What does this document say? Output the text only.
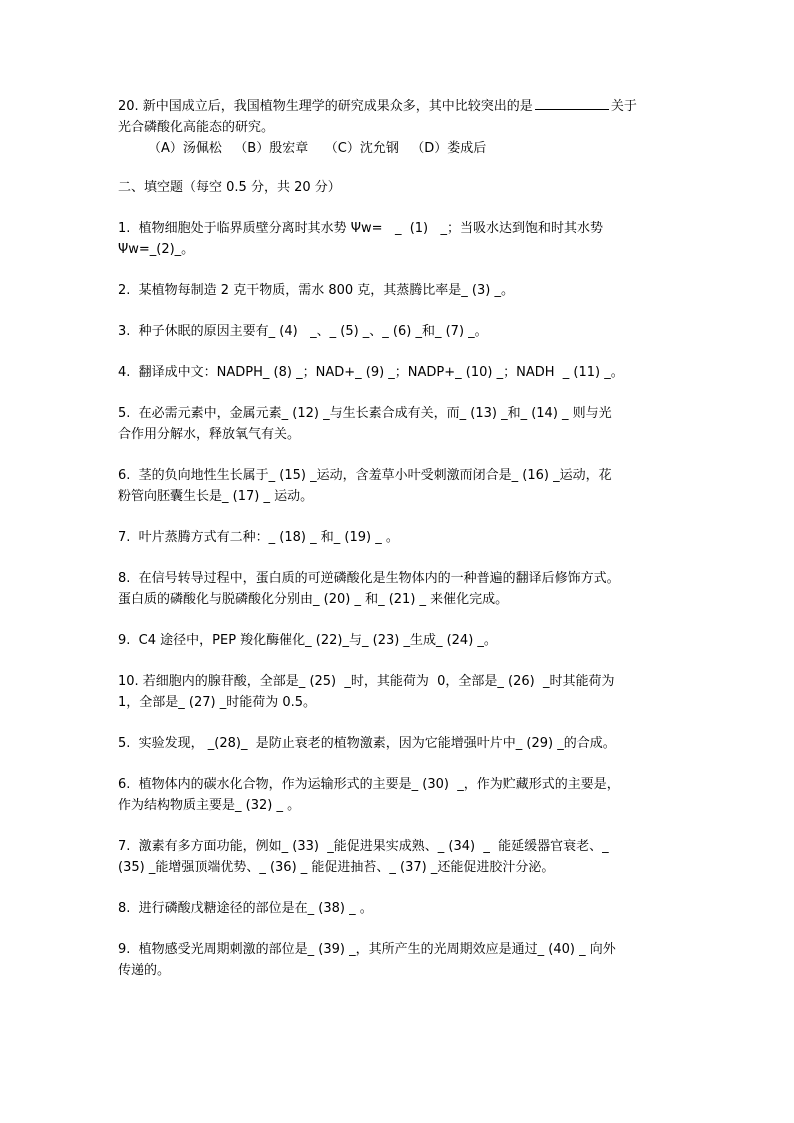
20. 新中国成立后，我国植物生理学的研究成果众多，其中比较突出的是	关于
光合磷酸化高能态的研究。
（A）汤佩松   （B）殷宏章    （C）沈允钢   （D）娄成后
二、填空题（每空 0.5 分，共 20 分）
1.  植物细胞处于临界质壁分离时其水势 Ψw=   _  (1)   _；当吸水达到饱和时其水势
Ψw=_(2)_。
2.  某植物每制造 2 克干物质，需水 800 克，其蒸腾比率是_ (3) _。
3.  种子休眠的原因主要有_ (4)   _、_ (5) _、_ (6) _和_ (7) _。
4.  翻译成中文：NADPH_ (8) _；NAD+_ (9) _；NADP+_ (10) _；NADH  _ (11) _。
5.  在必需元素中，金属元素_ (12) _与生长素合成有关，而_ (13) _和_ (14) _ 则与光
合作用分解水，释放氧气有关。
6.  茎的负向地性生长属于_ (15) _运动，含羞草小叶受刺激而闭合是_ (16) _运动，花
粉管向胚囊生长是_ (17) _ 运动。
7.  叶片蒸腾方式有二种：_ (18) _ 和_ (19) _ 。
8.  在信号转导过程中，蛋白质的可逆磷酸化是生物体内的一种普遍的翻译后修饰方式。
蛋白质的磷酸化与脱磷酸化分别由_ (20) _ 和_ (21) _ 来催化完成。
9.  C4 途径中，PEP 羧化酶催化_ (22)_与_ (23) _生成_ (24) _。
10. 若细胞内的腺苷酸，全部是_ (25)  _时，其能荷为  0，全部是_ (26)  _时其能荷为
1，全部是_ (27) _时能荷为 0.5。
5.  实验发现， _(28)_  是防止衰老的植物激素，因为它能增强叶片中_ (29) _的合成。
6.  植物体内的碳水化合物，作为运输形式的主要是_ (30)  _，作为贮藏形式的主要是，
作为结构物质主要是_ (32) _ 。
7.  激素有多方面功能，例如_ (33)  _能促进果实成熟、_ (34)  _  能延缓器官衰老、_
(35) _能增强顶端优势、_ (36) _ 能促进抽苔、_ (37) _还能促进胶汁分泌。
8.  进行磷酸戊糖途径的部位是在_ (38) _ 。
9.  植物感受光周期刺激的部位是_ (39) _，其所产生的光周期效应是通过_ (40) _ 向外
传递的。
